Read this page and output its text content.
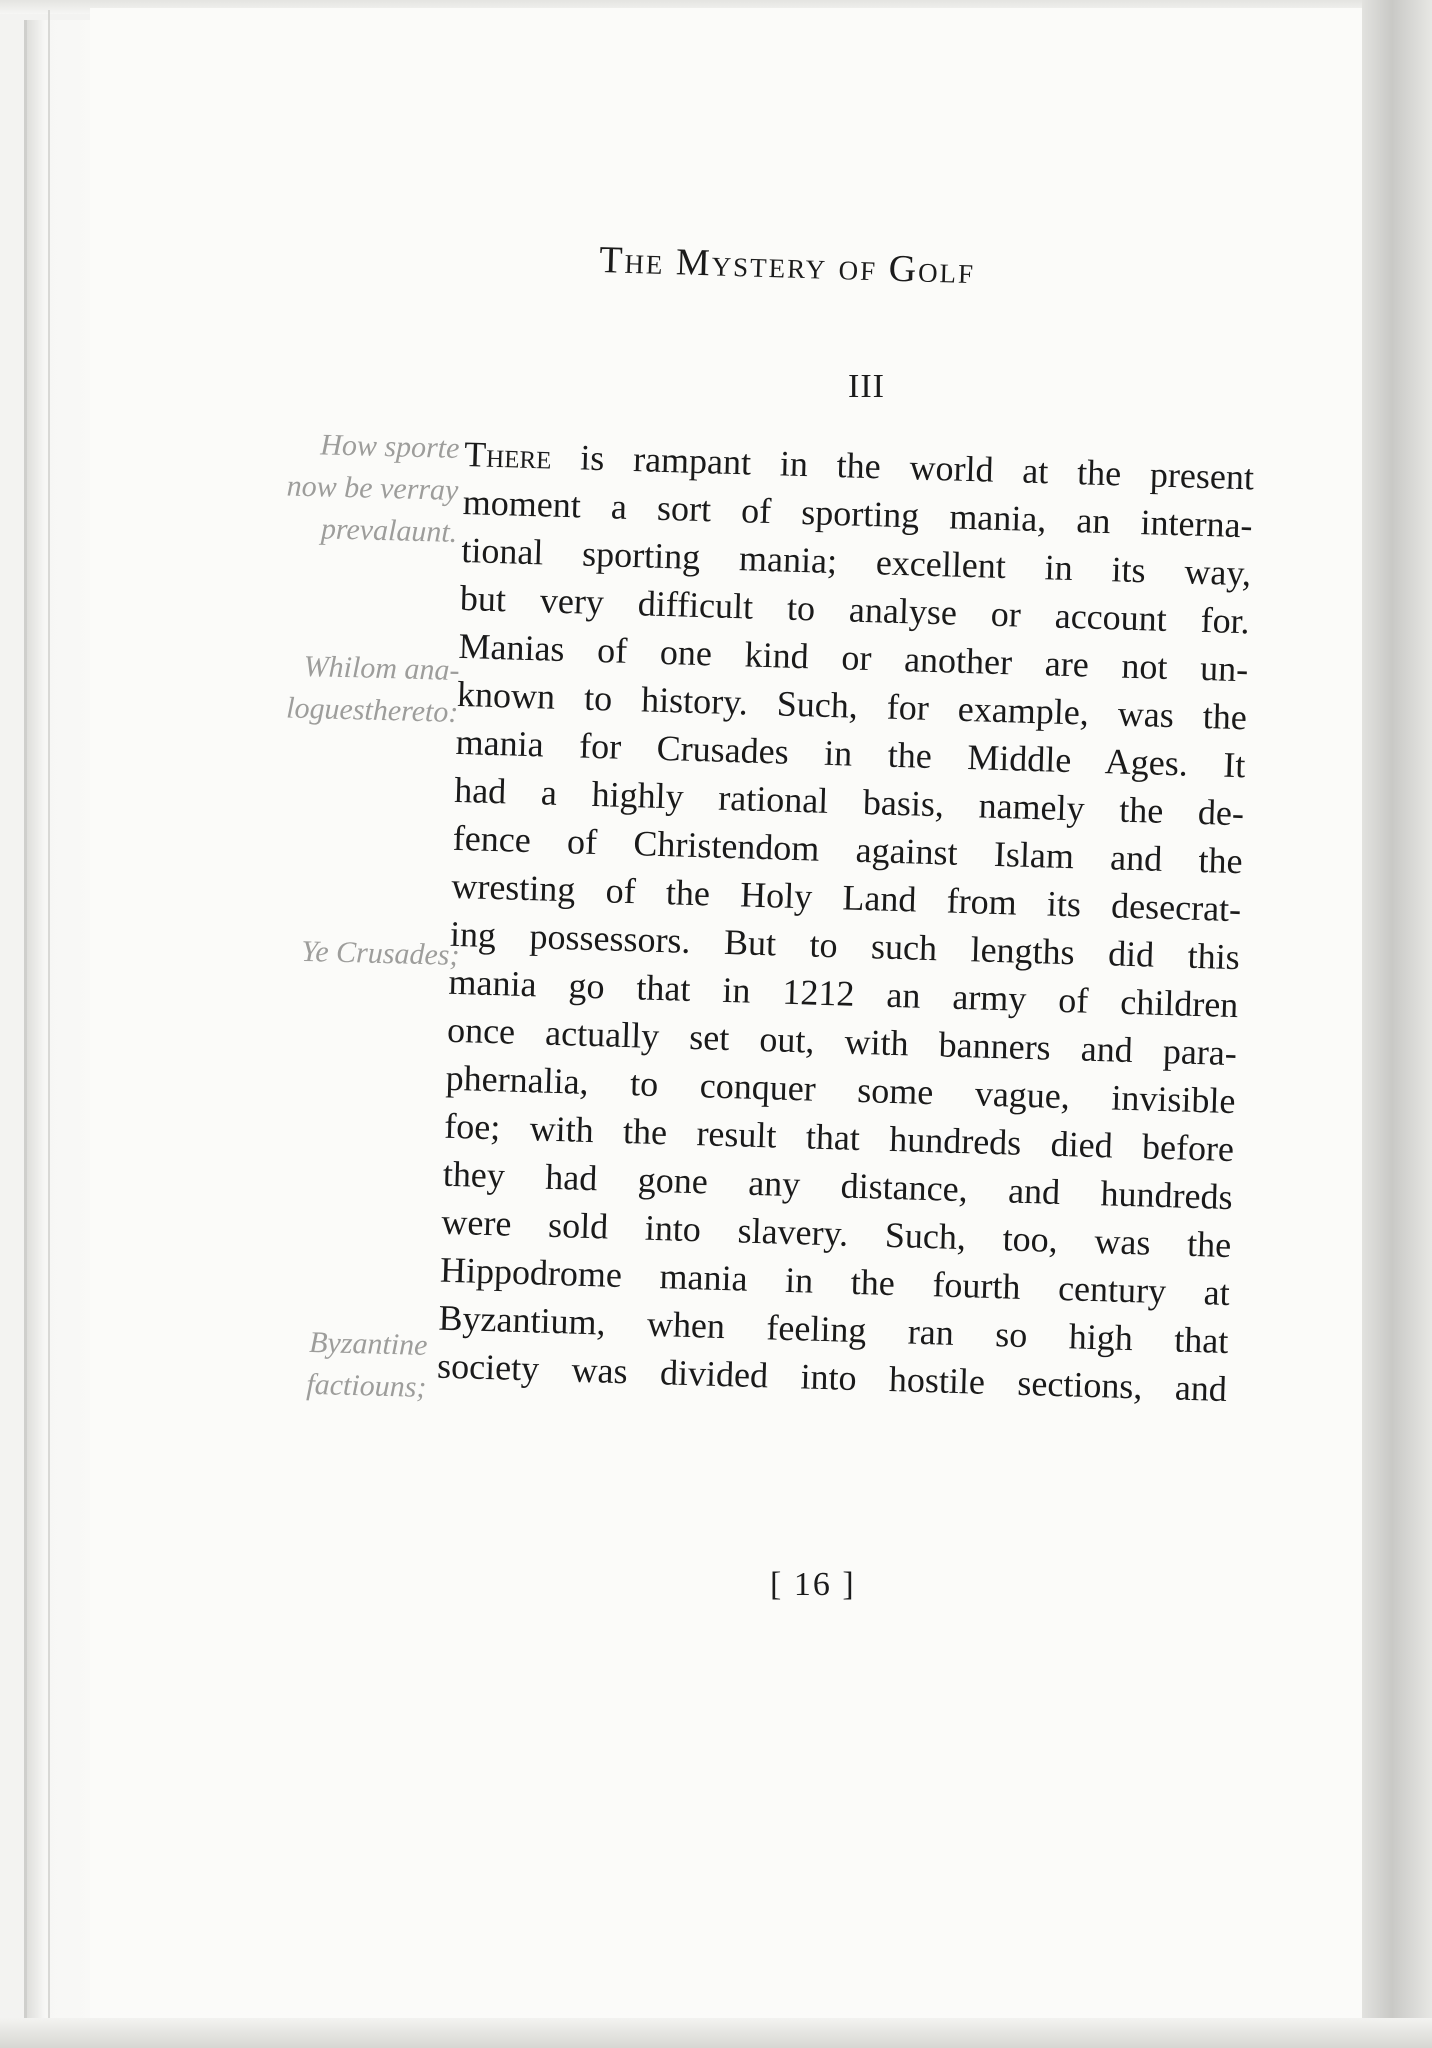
The Mystery of Golf
III
How sporte
now be verray
prevalaunt.
Whilom ana-
loguesthereto:
Ye Crusades;
Byzantine
factiouns;
There is rampant in the world at the present
moment a sort of sporting mania, an interna-
tional sporting mania; excellent in its way,
but very difficult to analyse or account for.
Manias of one kind or another are not un-
known to history. Such, for example, was the
mania for Crusades in the Middle Ages. It
had a highly rational basis, namely the de-
fence of Christendom against Islam and the
wresting of the Holy Land from its desecrat-
ing possessors. But to such lengths did this
mania go that in 1212 an army of children
once actually set out, with banners and para-
phernalia, to conquer some vague, invisible
foe; with the result that hundreds died before
they had gone any distance, and hundreds
were sold into slavery. Such, too, was the
Hippodrome mania in the fourth century at
Byzantium, when feeling ran so high that
society was divided into hostile sections, and
[ 16 ]
